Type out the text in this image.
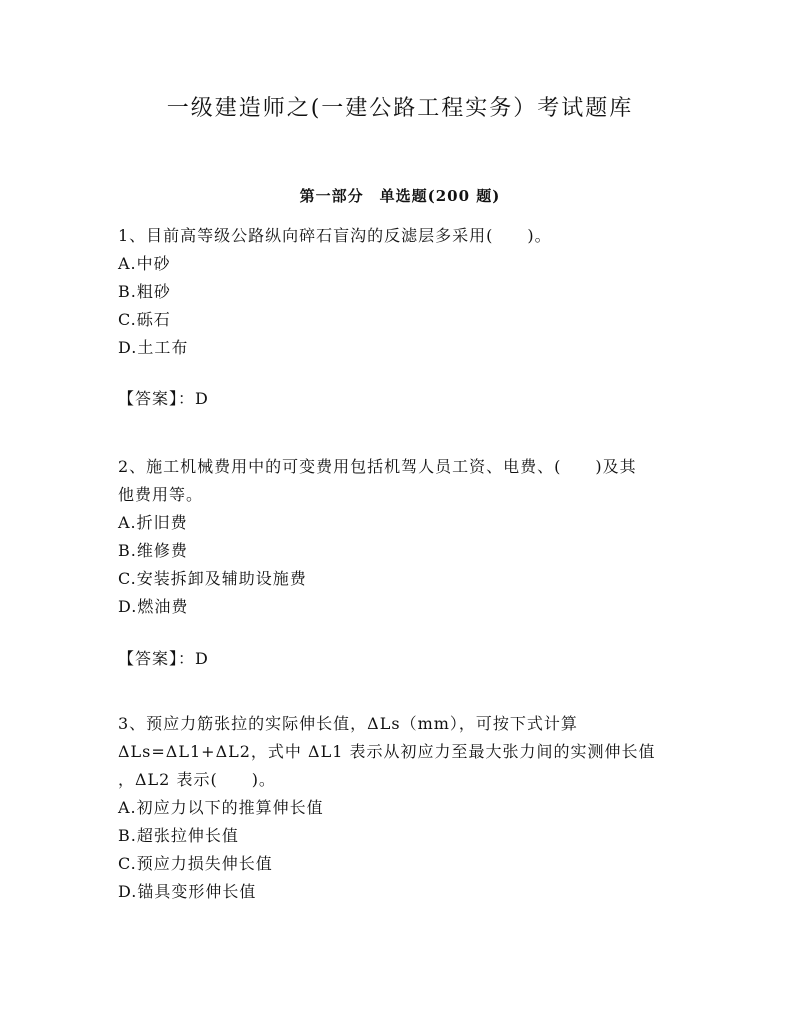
一级建造师之(一建公路工程实务）考试题库
第一部分　单选题(200 题)
1、目前高等级公路纵向碎石盲沟的反滤层多采用(　　)。
A.中砂
B.粗砂
C.砾石
D.土工布
【答案】：D
2、施工机械费用中的可变费用包括机驾人员工资、电费、(　　)及其
他费用等。
A.折旧费
B.维修费
C.安装拆卸及辅助设施费
D.燃油费
【答案】：D
3、预应力筋张拉的实际伸长值，ΔLs（mm），可按下式计算
ΔLs=ΔL1+ΔL2，式中 ΔL1 表示从初应力至最大张力间的实测伸长值
，ΔL2 表示(　　)。
A.初应力以下的推算伸长值
B.超张拉伸长值
C.预应力损失伸长值
D.锚具变形伸长值
